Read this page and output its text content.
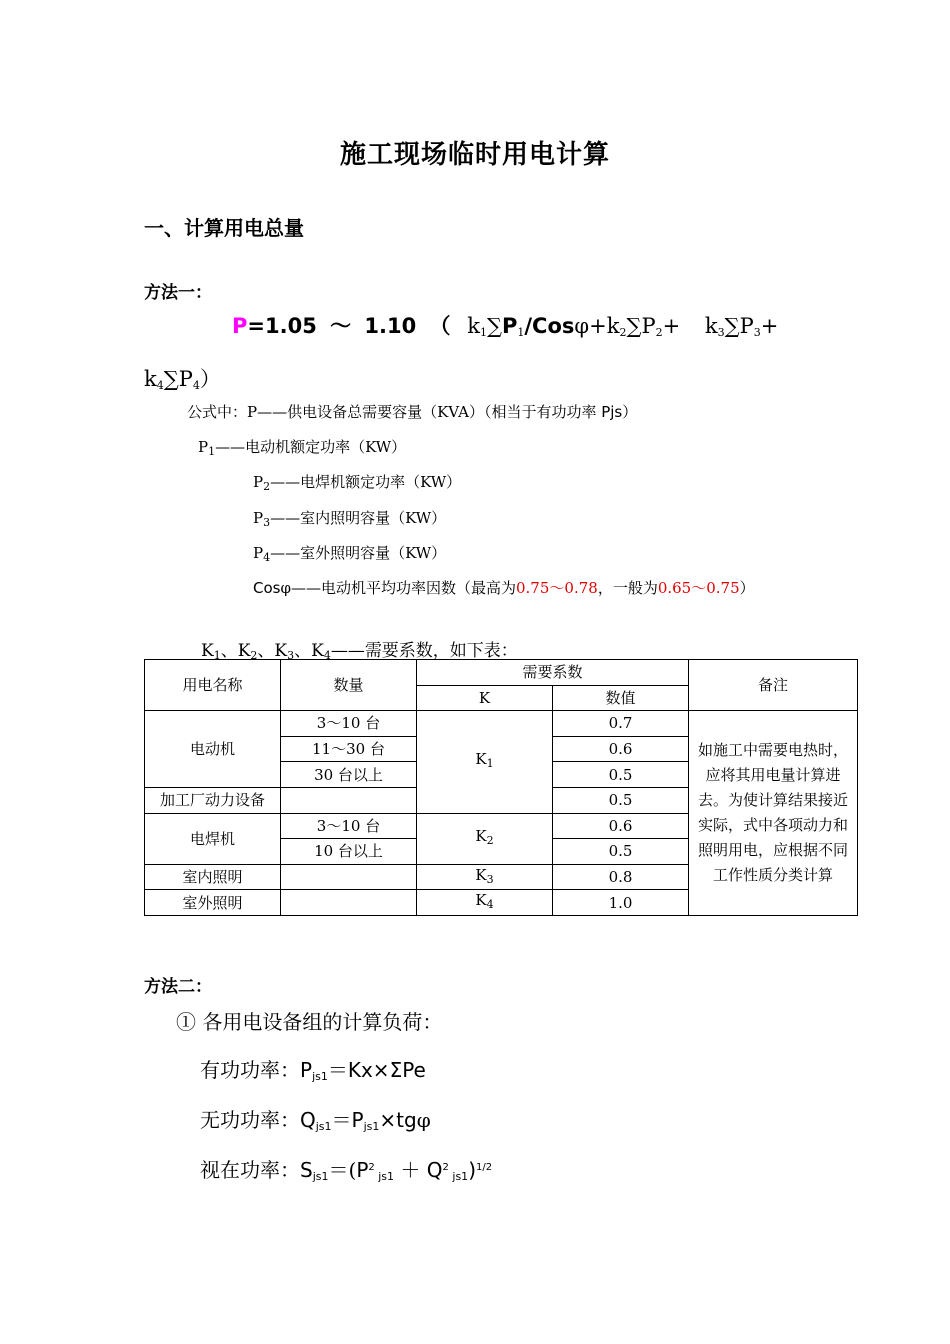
施工现场临时用电计算
一、计算用电总量
方法一：
P=1.05 ～ 1.10 （ $k_1\sum P_1/Cos\varphi+k_2\sum P_2+ k_3\sum P_3+$
$k_4\sum P_4$）
公式中：P——供电设备总需要容量（KVA）（相当于有功功率 Pjs）
$P_1——$电动机额定功率（KW）
$P_2——$电焊机额定功率（KW）
$P_3——$室内照明容量（KW）
$P_4——$室外照明容量（KW）
Cosφ——电动机平均功率因数（最高为0.75～0.78，一般为0.65～0.75）
$K_1$、$K_2$、$K_3$、$K_4——$需要系数，如下表：
用电名称	数量	需要系数		备注
		K	数值	
电动机	3～10 台	$K_1$	0.7	如施工中需要电热时，应将其用电量计算进去。为使计算结果接近实际，式中各项动力和照明用电，应根据不同工作性质分类计算
	11～30 台		0.6	
	30 台以上		0.5	
加工厂动力设备			0.5	
电焊机	3～10 台	$K_2$	0.6	
	10 台以上		0.5	
室内照明		$K_3$	0.8	
室外照明		$K_4$	1.0	
方法二：
① 各用电设备组的计算负荷：
有功功率：$P_{js1}=Kx\times\Sigma Pe$
无功功率：$Q_{js1}=P_{js1}\times tg\varphi$
视在功率：$S_{js1}=(P^2$ $_{js1} + Q^2$ $_{js1}$)$^{1/2}$
